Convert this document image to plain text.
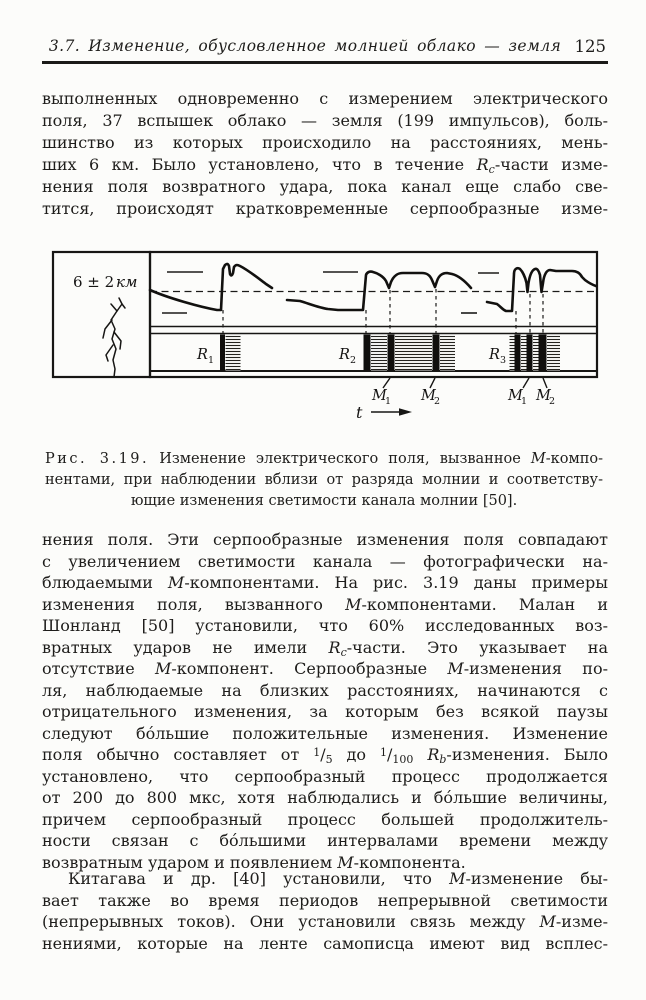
3.7. Изменение, обусловленное молнией облако — земля 125
выполненных одновременно с измерением электрического
поля, 37 вспышек облако — земля (199 импульсов), боль-
шинство из которых происходило на расстояниях, мень-
ших 6 км. Было установлено, что в течение $R_c$-части изме-
нения поля возвратного удара, пока канал еще слабо све-
тится, происходят кратковременные серпообразные изме-
6 ± 2 км
R 1	R 2	R 3
M
1 M
2	M
1 M
2
t
Рис. 3.19. Изменение электрического поля, вызванное М-компо-
нентами, при наблюдении вблизи от разряда молнии и соответству-
ющие изменения светимости канала молнии [50].
нения поля. Эти серпообразные изменения поля совпадают
с увеличением светимости канала — фотографически на-
блюдаемыми М-компонентами. На рис. 3.19 даны примеры
изменения поля, вызванного М-компонентами. Малан и
Шонланд [50] установили, что 60% исследованных воз-
вратных ударов не имели $R_c$-части. Это указывает на
отсутствие М-компонент. Серпообразные М-изменения по-
ля, наблюдаемые на близких расстояниях, начинаются с
отрицательного изменения, за которым без всякой паузы
следуют бо́льшие положительные изменения. Изменение
поля обычно составляет от $^1/_5$ до $^1/_{100}$ $R_b$-изменения. Было
установлено, что серпообразный процесс продолжается
от 200 до 800 мкс, хотя наблюдались и бо́льшие величины,
причем серпообразный процесс большей продолжитель-
ности связан с бо́льшими интервалами времени между
возвратным ударом и появлением М-компонента.
Китагава и др. [40] установили, что М-изменение бы-
вает также во время периодов непрерывной светимости
(непрерывных токов). Они установили связь между М-изме-
нениями, которые на ленте самописца имеют вид всплес-
